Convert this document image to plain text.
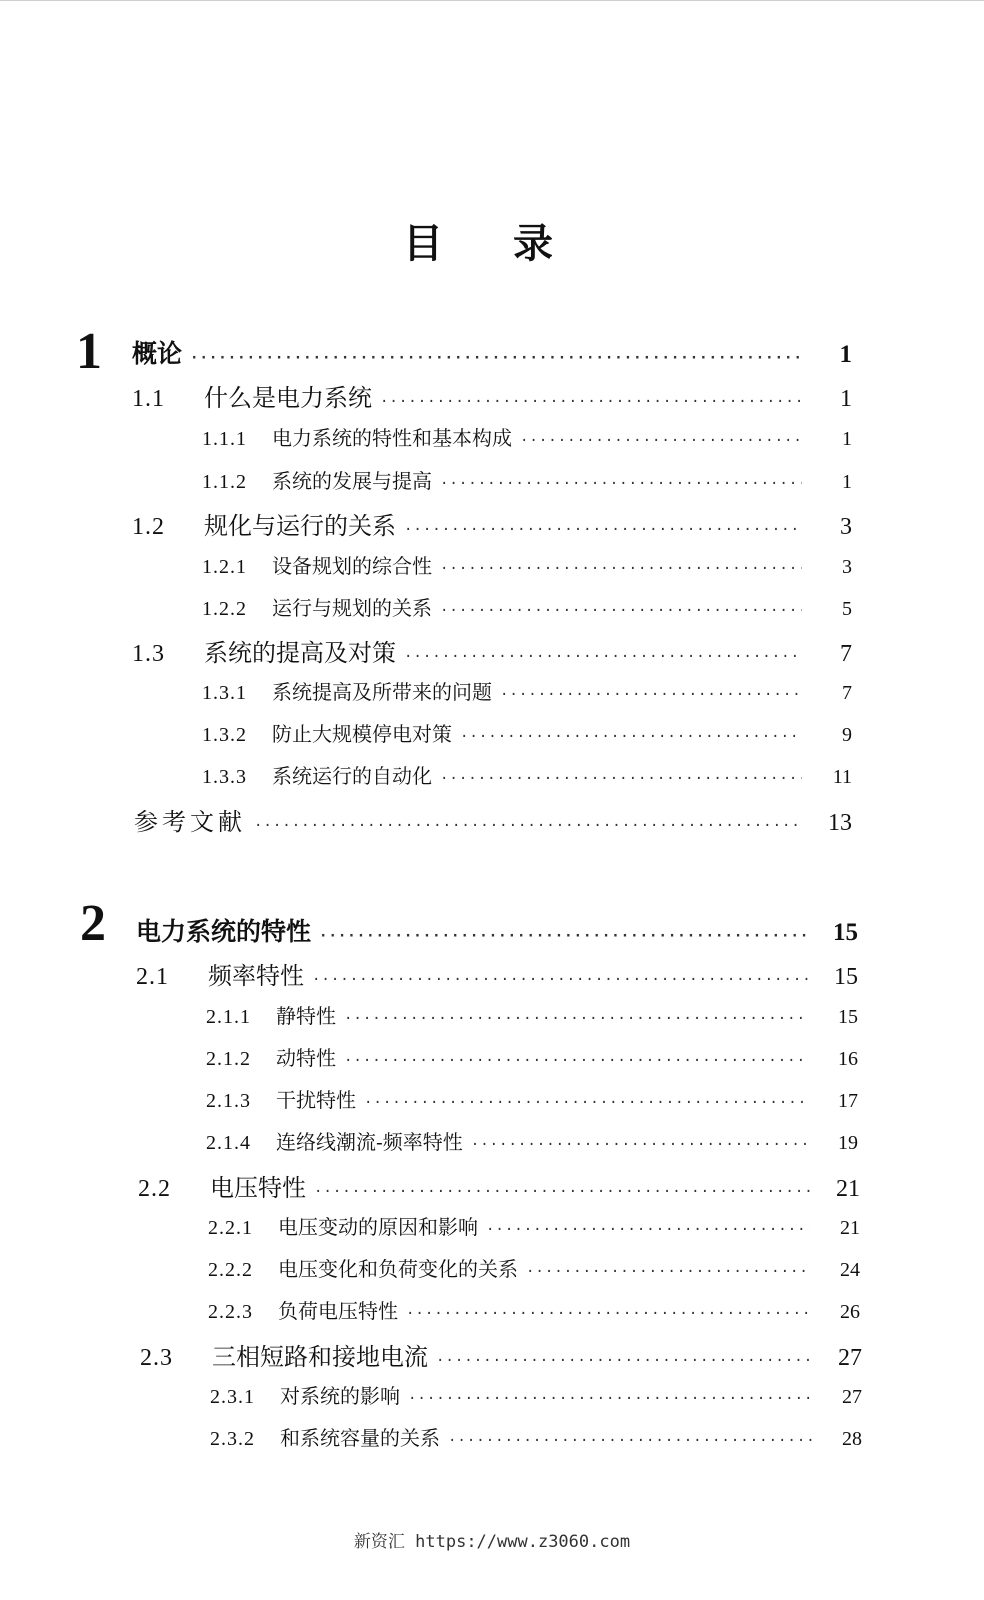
目 录
1 概论 ·····	1
1.1	什么是电力系统 ·····	1
1.1.1	电力系统的特性和基本构成 ·····	1
1.1.2	系统的发展与提高 ·····	1
1.2	规化与运行的关系 ·····	3
1.2.1	设备规划的综合性 ·····	3
1.2.2	运行与规划的关系 ·····	5
1.3	系统的提高及对策 ·····	7
1.3.1	系统提高及所带来的问题 ·····	7
1.3.2	防止大规模停电对策 ·····	9
1.3.3	系统运行的自动化 ·····	11
参考文献 ·····	13
2 电力系统的特性 ·····	15
2.1	频率特性 ·····	15
2.1.1	静特性 ·····	15
2.1.2	动特性 ·····	16
2.1.3	干扰特性 ·····	17
2.1.4	连络线潮流-频率特性 ·····	19
2.2	电压特性 ·····	21
2.2.1	电压变动的原因和影响 ·····	21
2.2.2	电压变化和负荷变化的关系 ·····	24
2.2.3	负荷电压特性 ·····	26
2.3	三相短路和接地电流 ·····	27
2.3.1	对系统的影响 ·····	27
2.3.2	和系统容量的关系 ·····	28
新资汇 https://www.z3060.com
